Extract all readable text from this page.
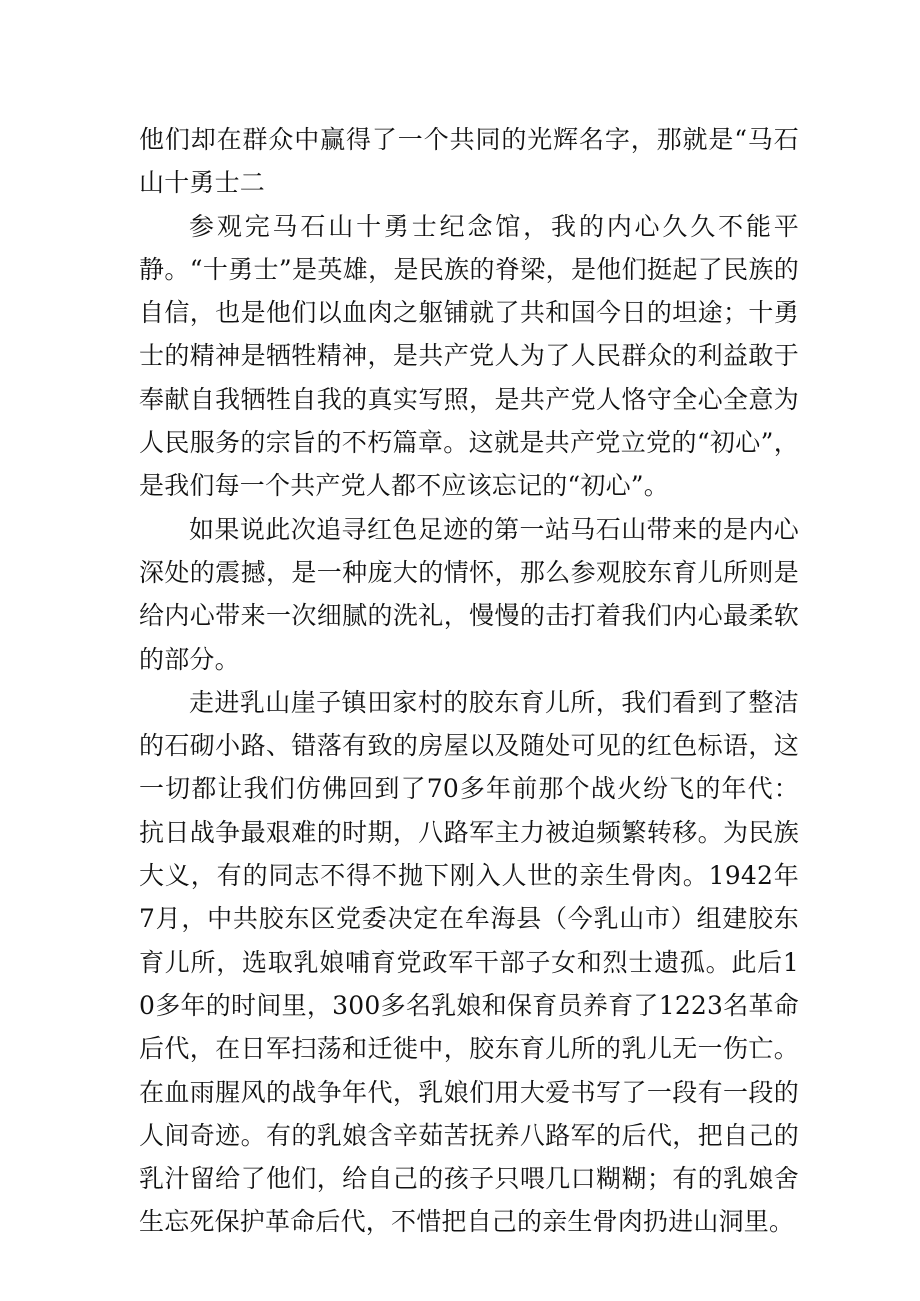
他们却在群众中赢得了一个共同的光辉名字，那就是“马石山十勇士二

参观完马石山十勇士纪念馆，我的内心久久不能平静。“十勇士”是英雄，是民族的脊梁，是他们挺起了民族的自信，也是他们以血肉之躯铺就了共和国今日的坦途；十勇士的精神是牺牲精神，是共产党人为了人民群众的利益敢于奉献自我牺牲自我的真实写照，是共产党人恪守全心全意为人民服务的宗旨的不朽篇章。这就是共产党立党的“初心”，是我们每一个共产党人都不应该忘记的“初心”。

如果说此次追寻红色足迹的第一站马石山带来的是内心深处的震撼，是一种庞大的情怀，那么参观胶东育儿所则是给内心带来一次细腻的洗礼，慢慢的击打着我们内心最柔软的部分。

走进乳山崖子镇田家村的胶东育儿所，我们看到了整洁的石砌小路、错落有致的房屋以及随处可见的红色标语，这一切都让我们仿佛回到了70多年前那个战火纷飞的年代：抗日战争最艰难的时期，八路军主力被迫频繁转移。为民族大义，有的同志不得不抛下刚入人世的亲生骨肉。1942年7月，中共胶东区党委决定在牟海县（今乳山市）组建胶东育儿所，选取乳娘哺育党政军干部子女和烈士遗孤。此后10多年的时间里，300多名乳娘和保育员养育了1223名革命后代，在日军扫荡和迁徙中，胶东育儿所的乳儿无一伤亡。在血雨腥风的战争年代，乳娘们用大爱书写了一段有一段的人间奇迹。有的乳娘含辛茹苦抚养八路军的后代，把自己的乳汁留给了他们，给自己的孩子只喂几口糊糊；有的乳娘舍生忘死保护革命后代，不惜把自己的亲生骨肉扔进山洞里。
